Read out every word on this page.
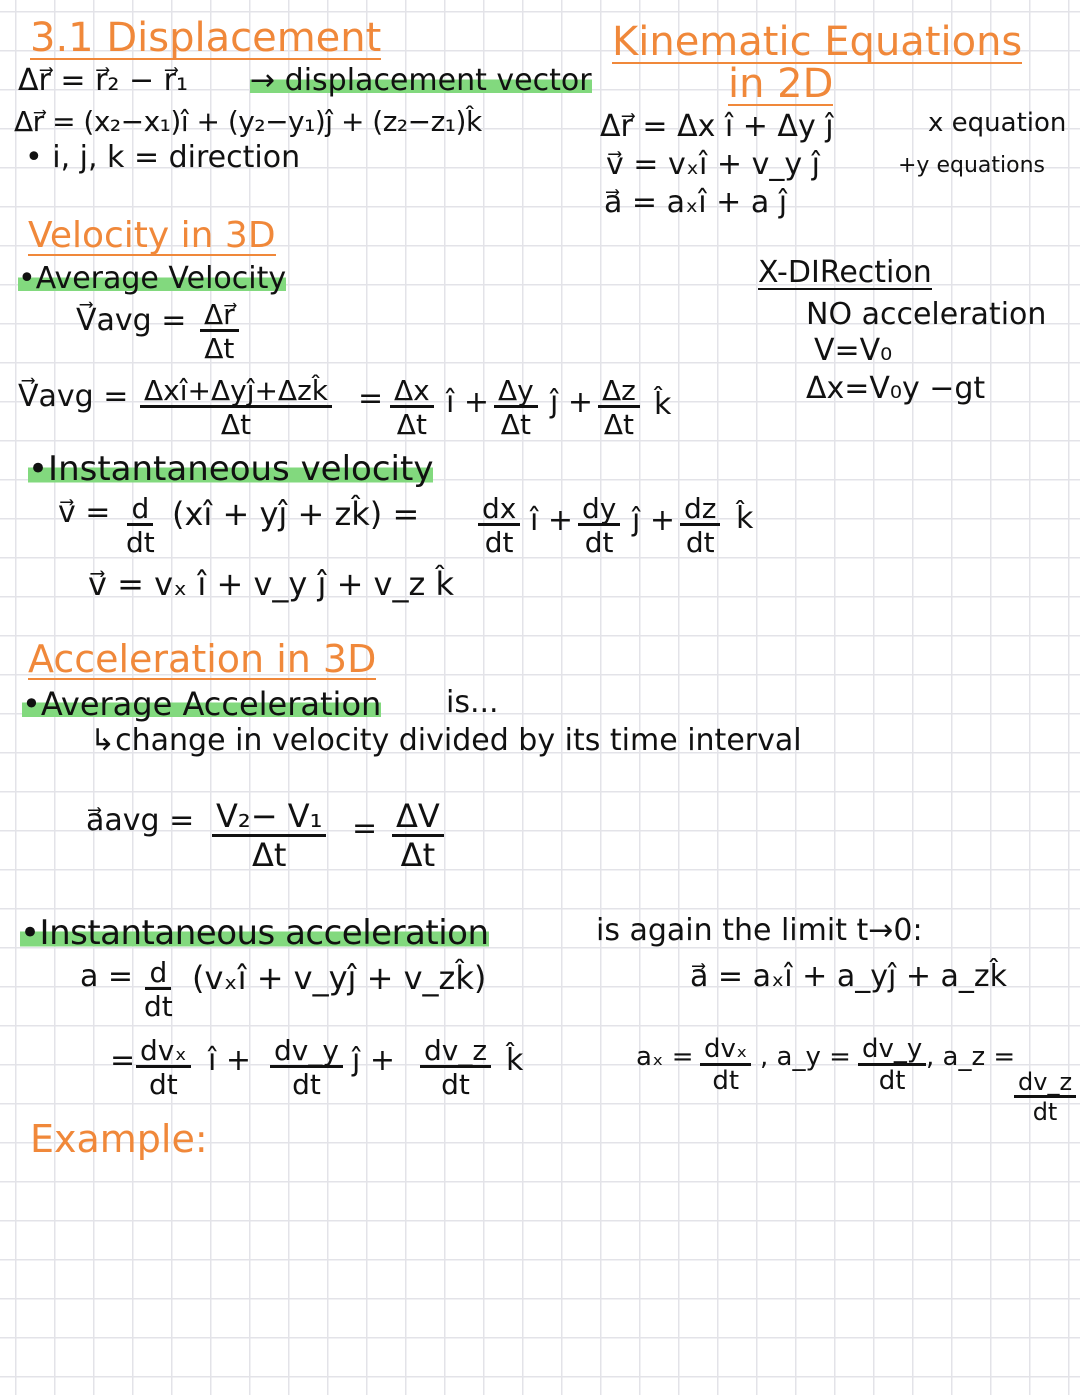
3.1 Displacement
Δr⃗ = r⃗₂ − r⃗₁ → displacement vector
Δr⃗ = (x₂−x₁)î + (y₂−y₁)ĵ + (z₂−z₁)k̂
• i, j, k = direction
Kinematic Equations
in 2D
Δr⃗ = Δx î + Δy ĵ
v⃗ = vₓî + v_y ĵ
a⃗ = aₓî + a ĵ
x equation
+y equations
X-DIRection
NO acceleration
V=V₀
Δx=V₀y −gt
Velocity in 3D
•Average Velocity
V⃗avg = $\frac{\Delta r⃗}{\Delta t}$
V⃗avg = Δxî+Δyĵ+Δzk̂
Δt
= $\frac{\Delta x}{\Delta t}$ î + $\frac{\Delta y}{\Delta t}$ ĵ + $\frac{\Delta z}{\Delta t}$ k̂
•Instantaneous velocity
v⃗ = $\frac{d}{dt}$ (xî + yĵ + zk̂) = $\frac{dx}{dt}$ î + $\frac{dy}{dt}$ ĵ + $\frac{dz}{dt}$ k̂
v⃗ = vₓ î + v_y ĵ + v_z k̂
Acceleration in 3D
•Average Acceleration is...
↳change in velocity divided by its time interval
a⃗avg = $\frac{\text{V₂− V₁}}{\Delta t} = \frac{\Delta V}{\Delta t}$
•Instantaneous acceleration	is again the limit t→0:
$a = \frac{d}{dt}$ (vₓî + v_yĵ + v_zk̂)	a⃗ = aₓî + a_yĵ + a_zk̂
= dvₓ
dt
î + $\frac{dv\_y}{dt}$ ĵ + $\frac{dv\_z}{dt}$ k̂	aₓ = dvₓ
dt
, a_y = $\frac{dv\_y}{dt}$ , a_z =
$\frac{dv\_z}{dt}$
Example:
